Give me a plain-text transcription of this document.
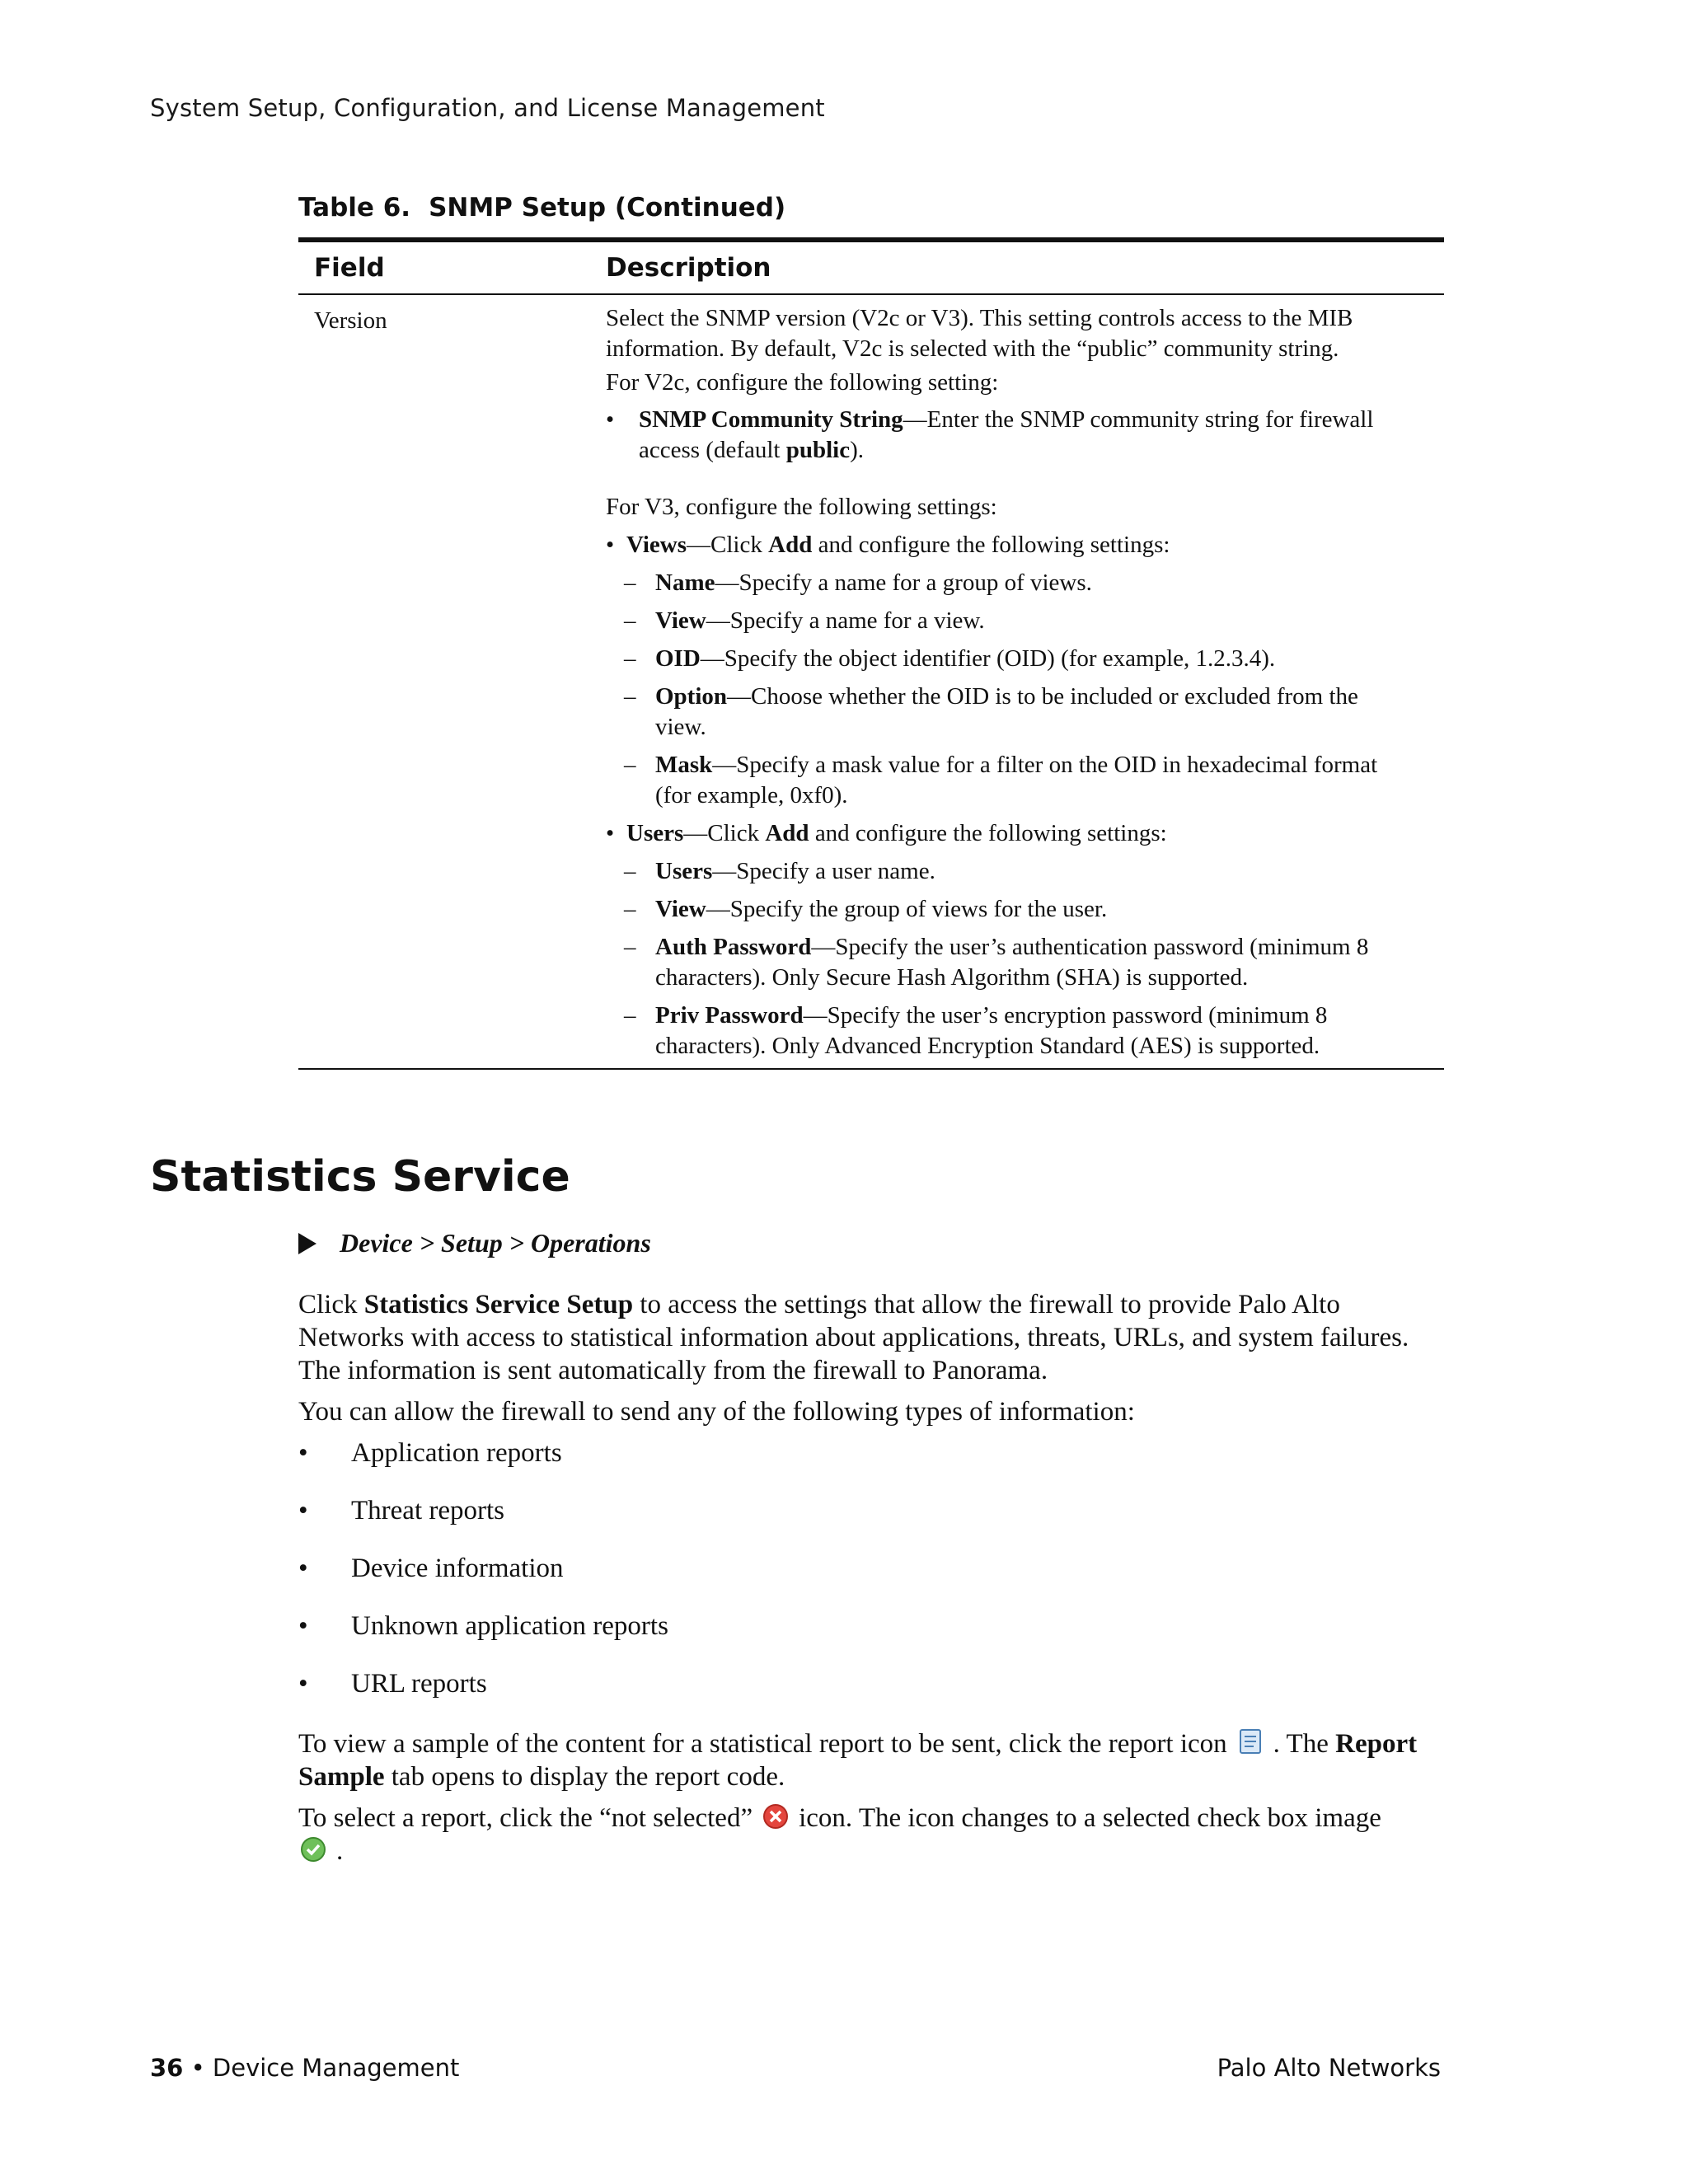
System Setup, Configuration, and License Management
Table 6. SNMP Setup (Continued)
Field	Description
Version	Select the SNMP version (V2c or V3). This setting controls access to the MIB information. By default, V2c is selected with the “public” community string.

For V2c, configure the following setting:

• SNMP Community String—Enter the SNMP community string for firewall access (default public).

For V3, configure the following settings:

• Views—Click Add and configure the following settings:
– Name—Specify a name for a group of views.
– View—Specify a name for a view.
– OID—Specify the object identifier (OID) (for example, 1.2.3.4).
– Option—Choose whether the OID is to be included or excluded from the view.
– Mask—Specify a mask value for a filter on the OID in hexadecimal format (for example, 0xf0).
• Users—Click Add and configure the following settings:
– Users—Specify a user name.
– View—Specify the group of views for the user.
– Auth Password—Specify the user’s authentication password (minimum 8 characters). Only Secure Hash Algorithm (SHA) is supported.
– Priv Password—Specify the user’s encryption password (minimum 8 characters). Only Advanced Encryption Standard (AES) is supported.
Statistics Service
Device > Setup > Operations
Click Statistics Service Setup to access the settings that allow the firewall to provide Palo Alto Networks with access to statistical information about applications, threats, URLs, and system failures. The information is sent automatically from the firewall to Panorama.
You can allow the firewall to send any of the following types of information:
• Application reports
• Threat reports
• Device information
• Unknown application reports
• URL reports
To view a sample of the content for a statistical report to be sent, click the report icon . The Report Sample tab opens to display the report code.
To select a report, click the “not selected” icon. The icon changes to a selected check box image
.
36 • Device Management	Palo Alto Networks
